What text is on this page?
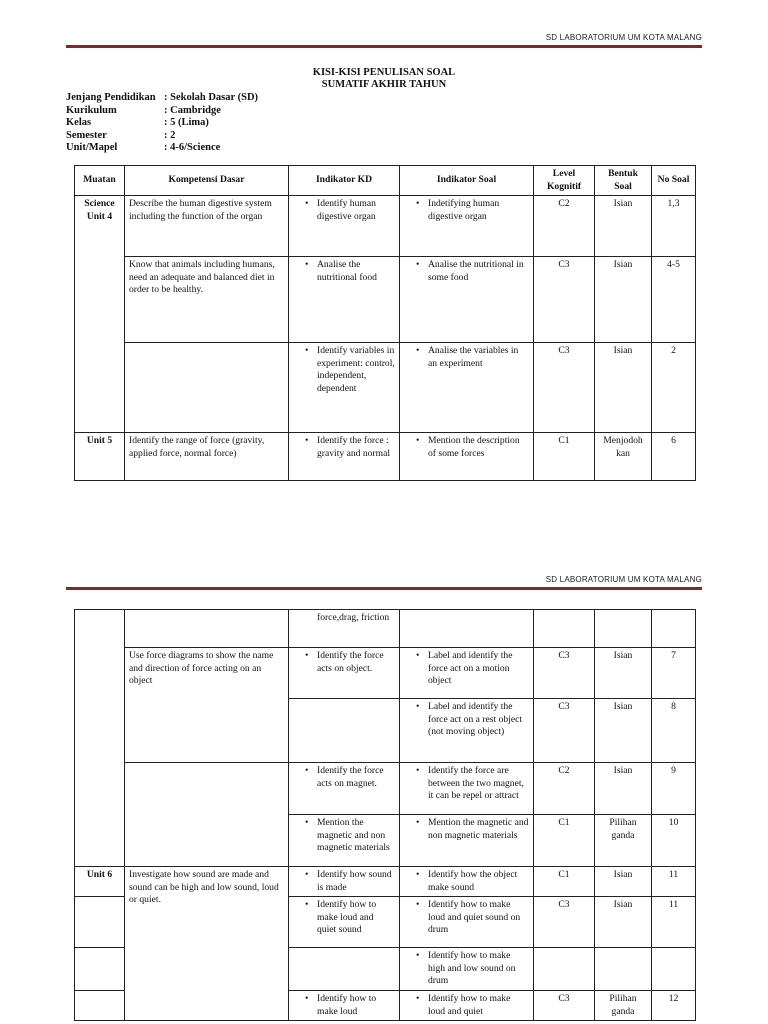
SD LABORATORIUM UM KOTA MALANG
KISI-KISI PENULISAN SOAL
SUMATIF AKHIR TAHUN
Jenjang Pendidikan : Sekolah Dasar (SD)
Kurikulum	: Cambridge
Kelas	: 5 (Lima)
Semester	: 2
Unit/Mapel	: 4-6/Science
Muatan	Kompetensi Dasar	Indikator KD	Indikator Soal	Level Kognitif	Bentuk Soal	No Soal
Science Unit 4	Describe the human digestive system including the function of the organ	• Identify human digestive organ	• Indetifying human digestive organ	C2	Isian	1,3
	Know that animals including humans, need an adequate and balanced diet in order to be healthy.	• Analise the nutritional food	• Analise the nutritional in some food	C3	Isian	4-5

		• Identify variables in experiment: control, independent, dependent	• Analise the variables in an experiment	C3	Isian	2
Unit 5	Identify the range of force (gravity, applied force, normal force)	• Identify the force : gravity and normal	• Mention the description of some forces	C1	Menjodoh kan	6
SD LABORATORIUM UM KOTA MALANG

		force,drag, friction				

	Use force diagrams to show the name and direction of force acting on an object	• Identify the force acts on object.	• Label and identify the force act on a motion object	C3	Isian	7

			• Label and identify the force act on a rest object (not moving object)	C3	Isian	8

		• Identify the force acts on magnet.	• Identify the force are between the two magnet, it can be repel or attract	C2	Isian	9

		• Mention the magnetic and non magnetic materials	• Mention the magnetic and non magnetic materials	C1	Pilihan ganda	10
Unit 6	Investigate how sound are made and sound can be high and low sound, loud or quiet.	• Identify how sound is made	• Identify how the object make sound	C1	Isian	11

		• Identify how to make loud and quiet sound	• Identify how to make loud and quiet sound on drum	C3	Isian	11

			• Identify how to make high and low sound on drum			

		• Identify how to make loud	• Identify how to make loud and quiet	C3	Pilihan ganda	12
